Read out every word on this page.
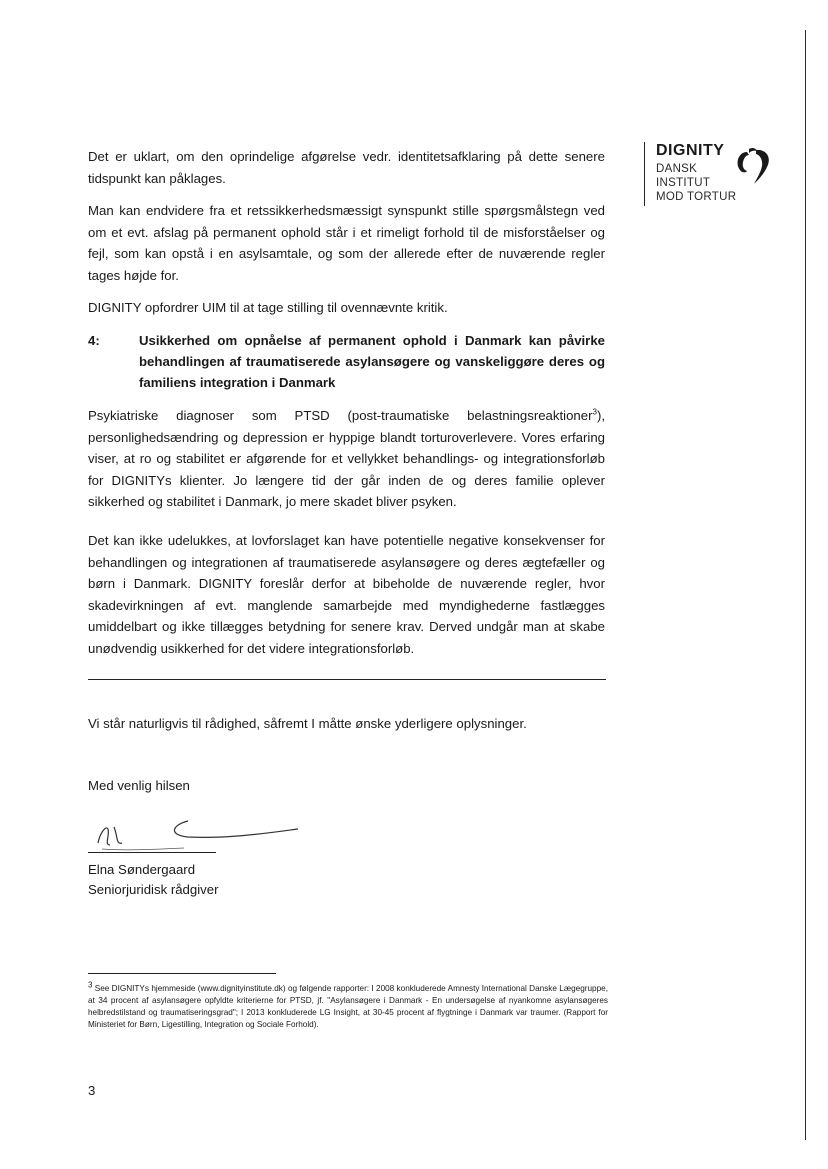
DIGNITY
DANSK
INSTITUT
MOD TORTUR
Det er uklart, om den oprindelige afgørelse vedr. identitetsafklaring på dette senere tidspunkt kan påklages.
Man kan endvidere fra et retssikkerhedsmæssigt synspunkt stille spørgsmålstegn ved om et evt. afslag på permanent ophold står i et rimeligt forhold til de misforståelser og fejl, som kan opstå i en asylsamtale, og som der allerede efter de nuværende regler tages højde for.
DIGNITY opfordrer UIM til at tage stilling til ovennævnte kritik.
4:	Usikkerhed om opnåelse af permanent ophold i Danmark kan påvirke behandlingen af traumatiserede asylansøgere og vanskeliggøre deres og familiens integration i Danmark
Psykiatriske diagnoser som PTSD (post-traumatiske belastningsreaktioner$^3$), personlighedsændring og depression er hyppige blandt torturoverlevere. Vores erfaring viser, at ro og stabilitet er afgørende for et vellykket behandlings- og integrationsforløb for DIGNITYs klienter. Jo længere tid der går inden de og deres familie oplever sikkerhed og stabilitet i Danmark, jo mere skadet bliver psyken.
Det kan ikke udelukkes, at lovforslaget kan have potentielle negative konsekvenser for behandlingen og integrationen af traumatiserede asylansøgere og deres ægtefæller og børn i Danmark. DIGNITY foreslår derfor at bibeholde de nuværende regler, hvor skadevirkningen af evt. manglende samarbejde med myndighederne fastlægges umiddelbart og ikke tillægges betydning for senere krav. Derved undgår man at skabe unødvendig usikkerhed for det videre integrationsforløb.
Vi står naturligvis til rådighed, såfremt I måtte ønske yderligere oplysninger.
Med venlig hilsen
Elna Søndergaard
Seniorjuridisk rådgiver
$^3$ See DIGNITYs hjemmeside (www.dignityinstitute.dk) og følgende rapporter: I 2008 konkluderede Amnesty International Danske Lægegruppe, at 34 procent af asylansøgere opfyldte kriterierne for PTSD, jf. "Asylansøgere i Danmark - En undersøgelse af nyankomne asylansøgeres helbredstilstand og traumatiseringsgrad"; I 2013 konkluderede LG Insight, at 30-45 procent af flygtninge i Danmark var traumer. (Rapport for Ministeriet for Børn, Ligestilling, Integration og Sociale Forhold).
3
